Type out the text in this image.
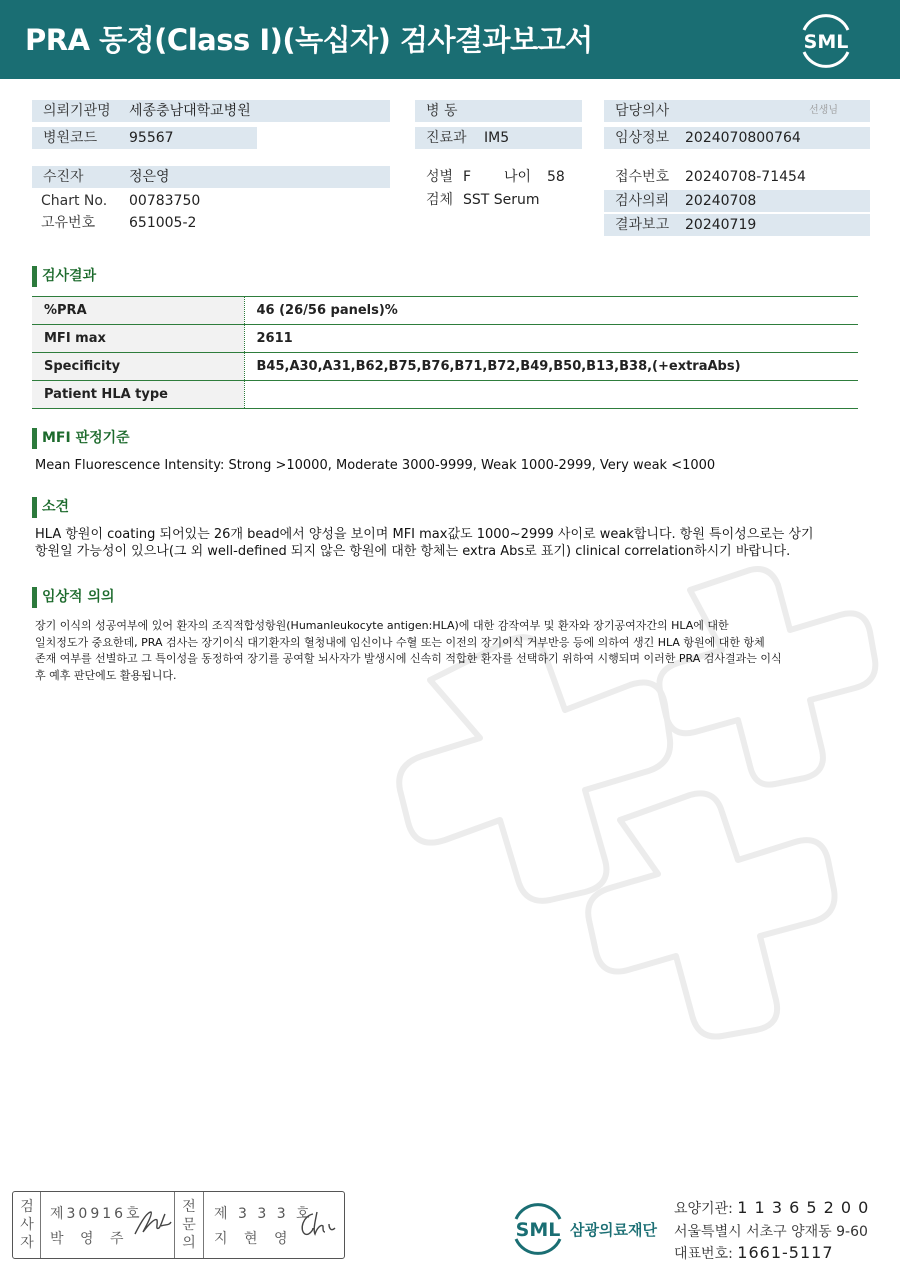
PRA 동정(Class I)(녹십자) 검사결과보고서	SML
의뢰기관명 세종충남대학교병원
병원코드 95567
수진자	정은영
Chart No. 00783750
고유번호 651005-2
병 동
진료과 IM5
성별 F 나이 58
검체 SST Serum
담당의사	선생님
임상정보 2024070800764
접수번호 20240708-71454
검사의뢰 20240708
결과보고 20240719
검사결과
%PRA	46 (26/56 panels)%
MFI max	2611
Specificity	B45,A30,A31,B62,B75,B76,B71,B72,B49,B50,B13,B38,(+extraAbs)
Patient HLA type	
MFI 판정기준
Mean Fluorescence Intensity: Strong >10000, Moderate 3000-9999, Weak 1000-2999, Very weak <1000
소견
HLA 항원이 coating 되어있는 26개 bead에서 양성을 보이며 MFI max값도 1000~2999 사이로 weak합니다. 항원 특이성으로는 상기
항원일 가능성이 있으나(그 외 well-defined 되지 않은 항원에 대한 항체는 extra Abs로 표기) clinical correlation하시기 바랍니다.
임상적 의의
장기 이식의 성공여부에 있어 환자의 조직적합성항원(Humanleukocyte antigen:HLA)에 대한 감작여부 및 환자와 장기공여자간의 HLA에 대한
일치정도가 중요한데, PRA 검사는 장기이식 대기환자의 혈청내에 임신이나 수혈 또는 이전의 장기이식 거부반응 등에 의하여 생긴 HLA 항원에 대한 항체
존재 여부를 선별하고 그 특이성을 동정하여 장기를 공여할 뇌사자가 발생시에 신속히 적합한 환자를 선택하기 위하여 시행되며 이러한 PRA 검사결과는 이식
후 예후 판단에도 활용됩니다.
검
사
자
제30916호
박 영 주
전
문
의
제 3 3 3 호
지 현 영	SML 삼광의료재단
요양기관: 1 1 3 6 5 2 0 0
서울특별시 서초구 양재동 9-60
대표번호: 1661-5117
